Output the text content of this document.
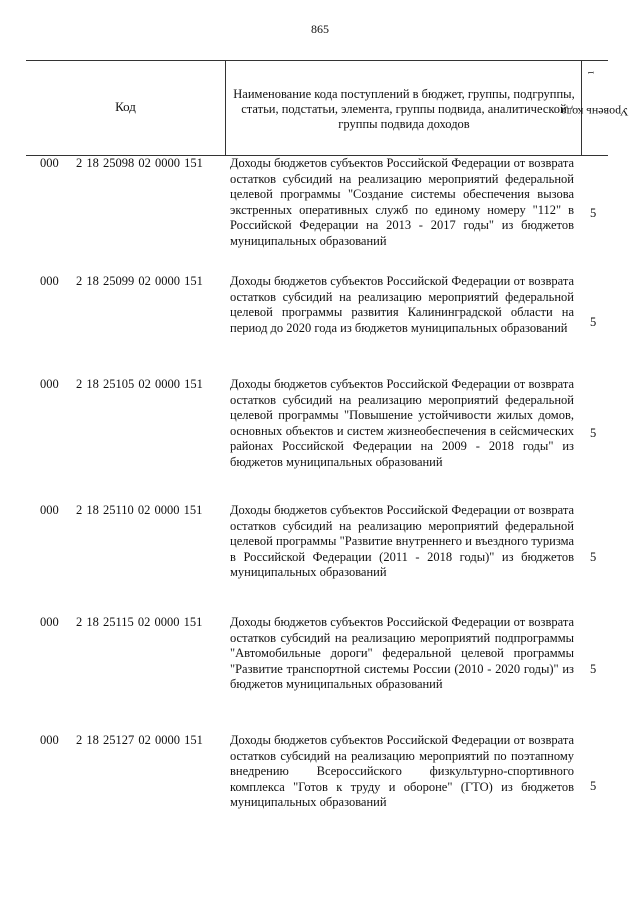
865
Код
Наименование кода поступлений в бюджет, группы, подгруппы, статьи, подстатьи, элемента, группы подвида, аналитической группы подвида доходов
Уровень кода $^1$
000 2 18 25098 02 0000 151 Доходы бюджетов субъектов Российской Федерации от возврата остатков субсидий на реализацию мероприятий федеральной целевой программы "Создание системы обеспечения вызова экстренных оперативных служб по единому номеру "112" в Российской Федерации на 2013 - 2017 годы" из бюджетов муниципальных образований
5
000 2 18 25099 02 0000 151 Доходы бюджетов субъектов Российской Федерации от возврата остатков субсидий на реализацию мероприятий федеральной целевой программы развития Калининградской области на период до 2020 года из бюджетов муниципальных образований	5
000 2 18 25105 02 0000 151 Доходы бюджетов субъектов Российской Федерации от возврата остатков субсидий на реализацию мероприятий федеральной целевой программы "Повышение устойчивости жилых домов, основных объектов и систем жизнеобеспечения в сейсмических районах Российской Федерации на 2009 - 2018 годы" из бюджетов муниципальных образований
5
000 2 18 25110 02 0000 151 Доходы бюджетов субъектов Российской Федерации от возврата остатков субсидий на реализацию мероприятий федеральной целевой программы "Развитие внутреннего и въездного туризма в Российской Федерации (2011 - 2018 годы)" из бюджетов муниципальных образований
5
000 2 18 25115 02 0000 151 Доходы бюджетов субъектов Российской Федерации от возврата остатков субсидий на реализацию мероприятий подпрограммы "Автомобильные дороги" федеральной целевой программы "Развитие транспортной системы России (2010 - 2020 годы)" из бюджетов муниципальных образований
5
000 2 18 25127 02 0000 151 Доходы бюджетов субъектов Российской Федерации от возврата остатков субсидий на реализацию мероприятий по поэтапному внедрению Всероссийского физкультурно-спортивного комплекса "Готов к труду и обороне" (ГТО) из бюджетов муниципальных образований
5
